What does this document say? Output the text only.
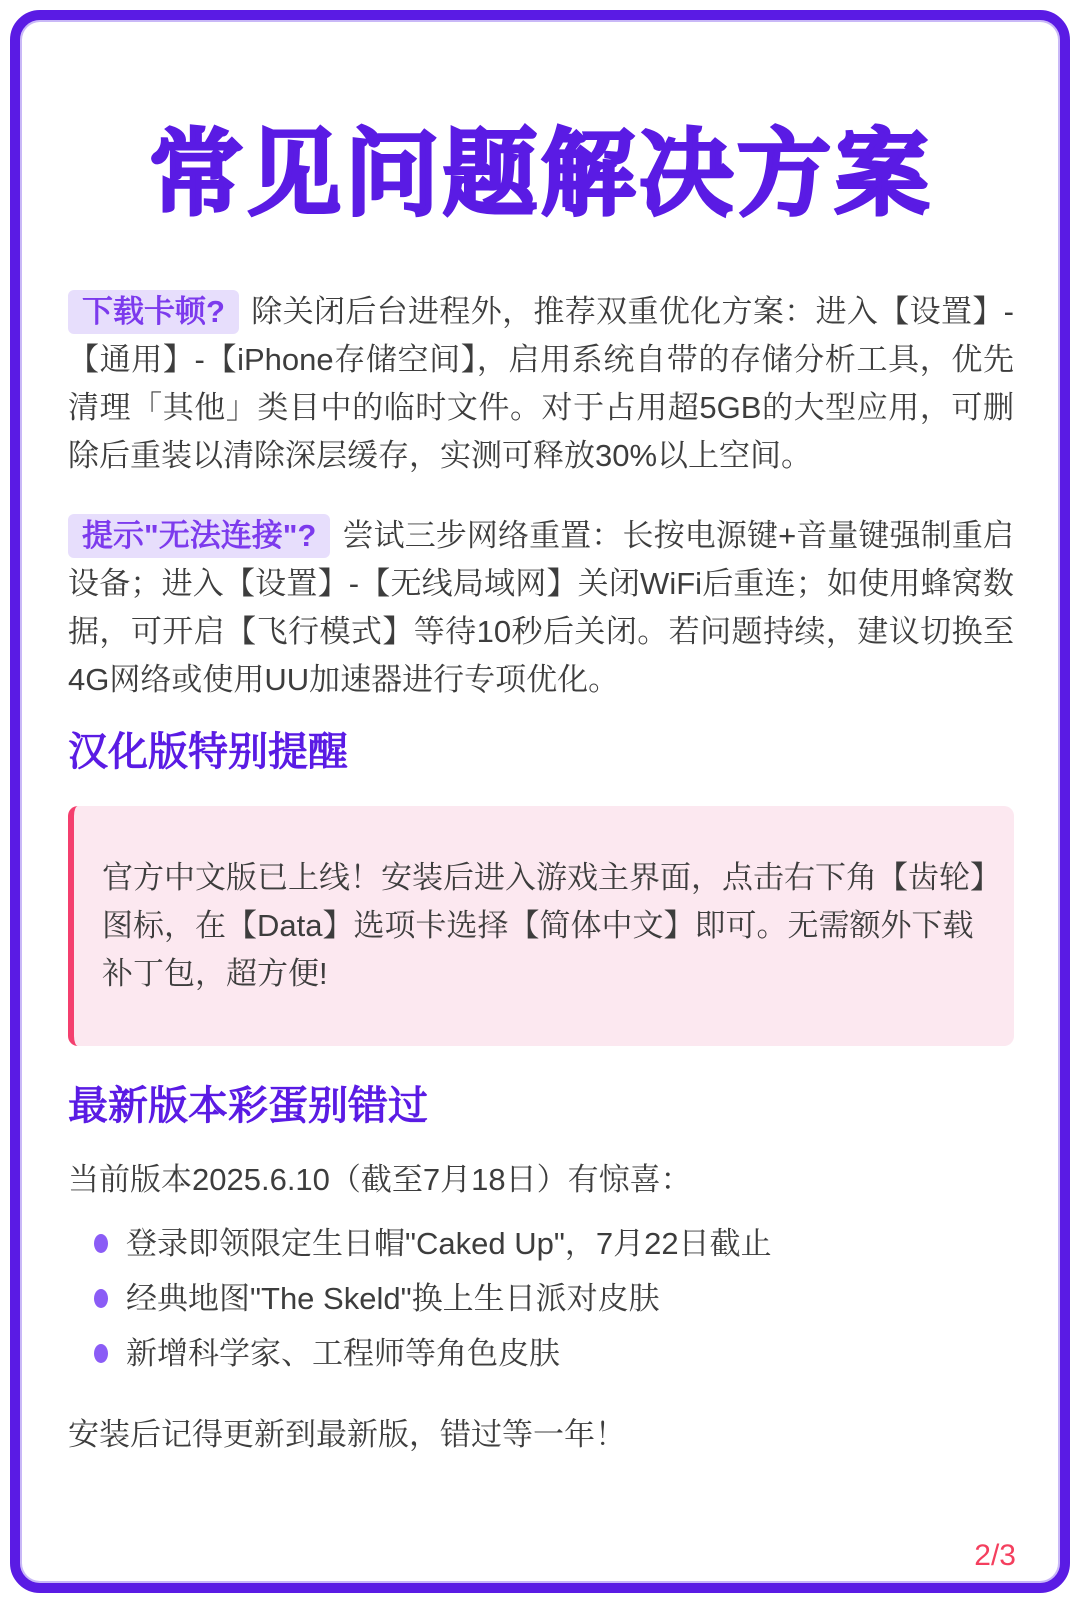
常见问题解决方案

下载卡顿? 除关闭后台进程外，推荐双重优化方案：进入【设置】-【通用】-【iPhone存储空间】，启用系统自带的存储分析工具，优先清理「其他」类目中的临时文件。对于占用超5GB的大型应用，可删除后重装以清除深层缓存，实测可释放30%以上空间。

提示"无法连接"? 尝试三步网络重置：长按电源键+音量键强制重启设备；进入【设置】-【无线局域网】关闭WiFi后重连；如使用蜂窝数据，可开启【飞行模式】等待10秒后关闭。若问题持续，建议切换至4G网络或使用UU加速器进行专项优化。

汉化版特别提醒

官方中文版已上线！安装后进入游戏主界面，点击右下角【齿轮】图标，在【Data】选项卡选择【简体中文】即可。无需额外下载补丁包，超方便!

最新版本彩蛋别错过

当前版本2025.6.10（截至7月18日）有惊喜：

登录即领限定生日帽"Caked Up"，7月22日截止
经典地图"The Skeld"换上生日派对皮肤
新增科学家、工程师等角色皮肤

安装后记得更新到最新版，错过等一年！

2/3
